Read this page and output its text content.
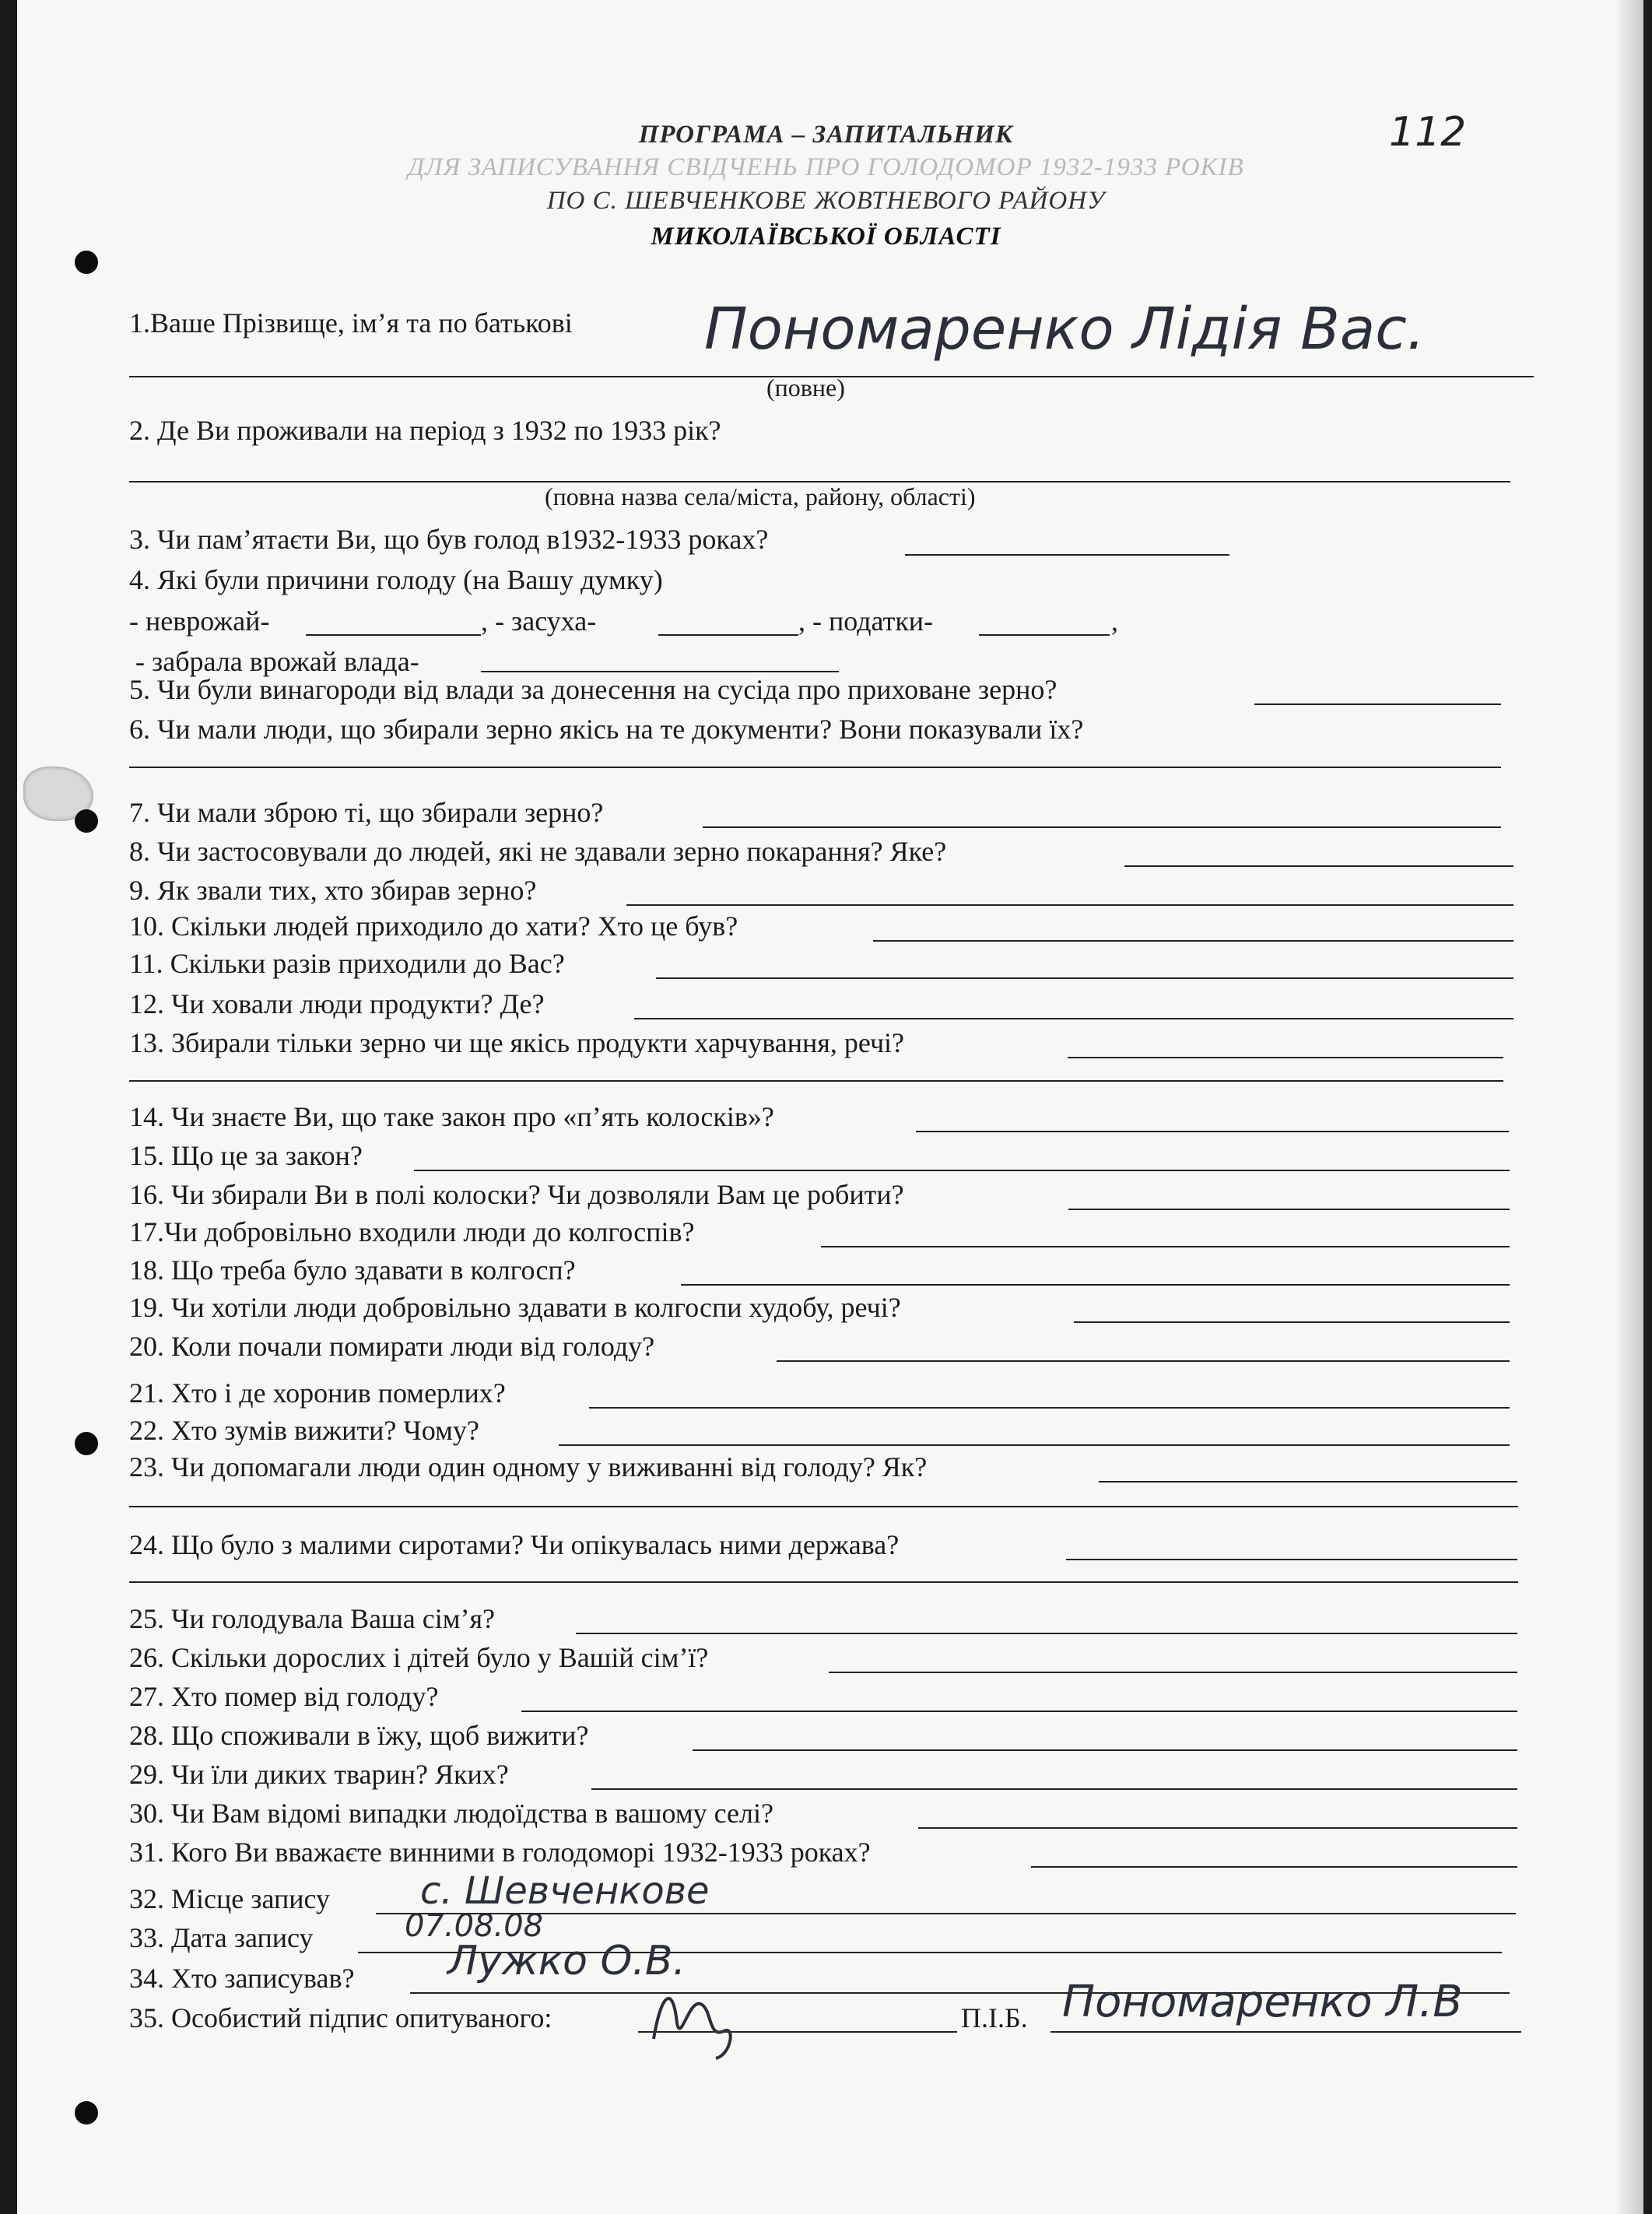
112
ПРОГРАМА – ЗАПИТАЛЬНИК
ДЛЯ ЗАПИСУВАННЯ СВІДЧЕНЬ ПРО ГОЛОДОМОР 1932-1933 РОКІВ
ПО С. ШЕВЧЕНКОВЕ ЖОВТНЕВОГО РАЙОНУ
МИКОЛАЇВСЬКОЇ ОБЛАСТІ
1.Ваше Прізвище, ім’я та по батькові Пономаренко Лідія Вас.
(повне)
2. Де Ви проживали на період з 1932 по 1933 рік?
(повна назва села/міста, району, області)
3. Чи пам’ятаєти Ви, що був голод в1932-1933 роках?
4. Які були причини голоду (на Вашу думку)
- неврожай-	, - засуха-	, - податки-	,
- забрала врожай влада-
5. Чи були винагороди від влади за донесення на сусіда про приховане зерно?
6. Чи мали люди, що збирали зерно якісь на те документи? Вони показували їх?
7. Чи мали зброю ті, що збирали зерно?
8. Чи застосовували до людей, які не здавали зерно покарання? Яке?
9. Як звали тих, хто збирав зерно?
10. Скільки людей приходило до хати? Хто це був?
11. Скільки разів приходили до Вас?
12. Чи ховали люди продукти? Де?
13. Збирали тільки зерно чи ще якісь продукти харчування, речі?
14. Чи знаєте Ви, що таке закон про «п’ять колосків»?
15. Що це за закон?
16. Чи збирали Ви в полі колоски? Чи дозволяли Вам це робити?
17.Чи добровільно входили люди до колгоспів?
18. Що треба було здавати в колгосп?
19. Чи хотіли люди добровільно здавати в колгоспи худобу, речі?
20. Коли почали помирати люди від голоду?
21. Хто і де хоронив померлих?
22. Хто зумів вижити? Чому?
23. Чи допомагали люди один одному у виживанні від голоду? Як?
24. Що було з малими сиротами? Чи опікувалась ними держава?
25. Чи голодувала Ваша сім’я?
26. Скільки дорослих і дітей було у Вашій сім’ї?
27. Хто помер від голоду?
28. Що споживали в їжу, щоб вижити?
29. Чи їли диких тварин? Яких?
30. Чи Вам відомі випадки людоїдства в вашому селі?
31. Кого Ви вважаєте винними в голодоморі 1932-1933 роках?
32. Місце запису с. Шевченкове
33. Дата запису	07.08.08
34. Хто записував? Лужко О.В.
35. Особистий підпис опитуваного:	П.І.Б. Пономаренко Л.В
